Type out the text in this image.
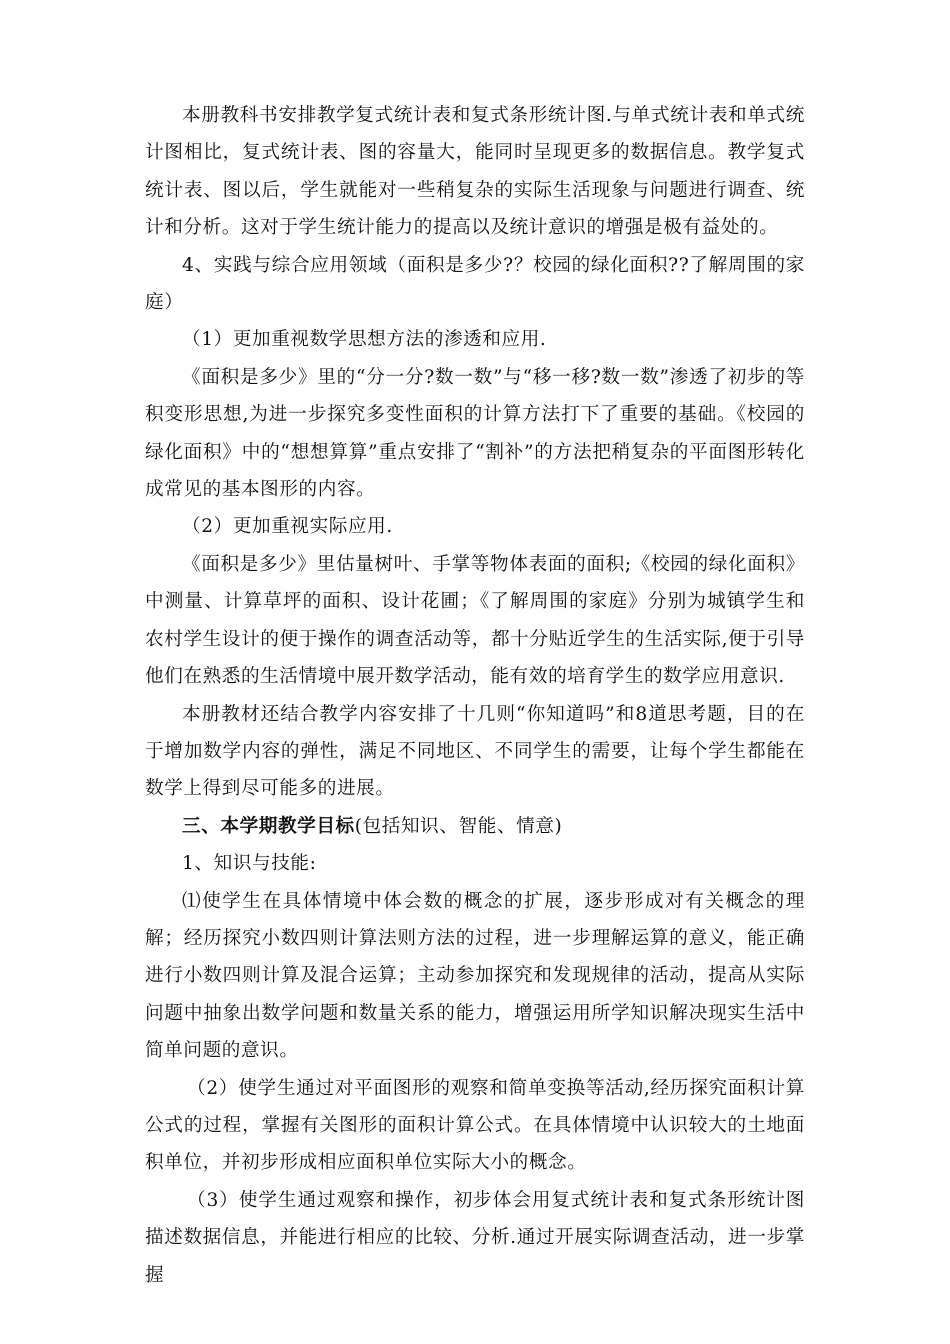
本册教科书安排教学复式统计表和复式条形统计图.与单式统计表和单式统计图相比，复式统计表、图的容量大，能同时呈现更多的数据信息。教学复式统计表、图以后，学生就能对一些稍复杂的实际生活现象与问题进行调查、统计和分析。这对于学生统计能力的提高以及统计意识的增强是极有益处的。

4、实践与综合应用领域（面积是多少?？校园的绿化面积??了解周围的家庭）

（1）更加重视数学思想方法的渗透和应用.

《面积是多少》里的“分一分?数一数”与“移一移?数一数”渗透了初步的等积变形思想,为进一步探究多变性面积的计算方法打下了重要的基础。《校园的绿化面积》中的“想想算算”重点安排了“割补”的方法把稍复杂的平面图形转化成常见的基本图形的内容。

（2）更加重视实际应用.

《面积是多少》里估量树叶、手掌等物体表面的面积;《校园的绿化面积》中测量、计算草坪的面积、设计花圃；《了解周围的家庭》分别为城镇学生和农村学生设计的便于操作的调查活动等，都十分贴近学生的生活实际,便于引导他们在熟悉的生活情境中展开数学活动，能有效的培育学生的数学应用意识.

本册教材还结合教学内容安排了十几则“你知道吗”和8道思考题，目的在于增加数学内容的弹性，满足不同地区、不同学生的需要，让每个学生都能在数学上得到尽可能多的进展。

三、本学期教学目标(包括知识、智能、情意)

1、知识与技能:

⑴使学生在具体情境中体会数的概念的扩展，逐步形成对有关概念的理解；经历探究小数四则计算法则方法的过程，进一步理解运算的意义，能正确进行小数四则计算及混合运算；主动参加探究和发现规律的活动，提高从实际问题中抽象出数学问题和数量关系的能力，增强运用所学知识解决现实生活中简单问题的意识。

（2）使学生通过对平面图形的观察和简单变换等活动,经历探究面积计算公式的过程，掌握有关图形的面积计算公式。在具体情境中认识较大的土地面积单位，并初步形成相应面积单位实际大小的概念。

（3）使学生通过观察和操作，初步体会用复式统计表和复式条形统计图描述数据信息，并能进行相应的比较、分析.通过开展实际调查活动，进一步掌握
